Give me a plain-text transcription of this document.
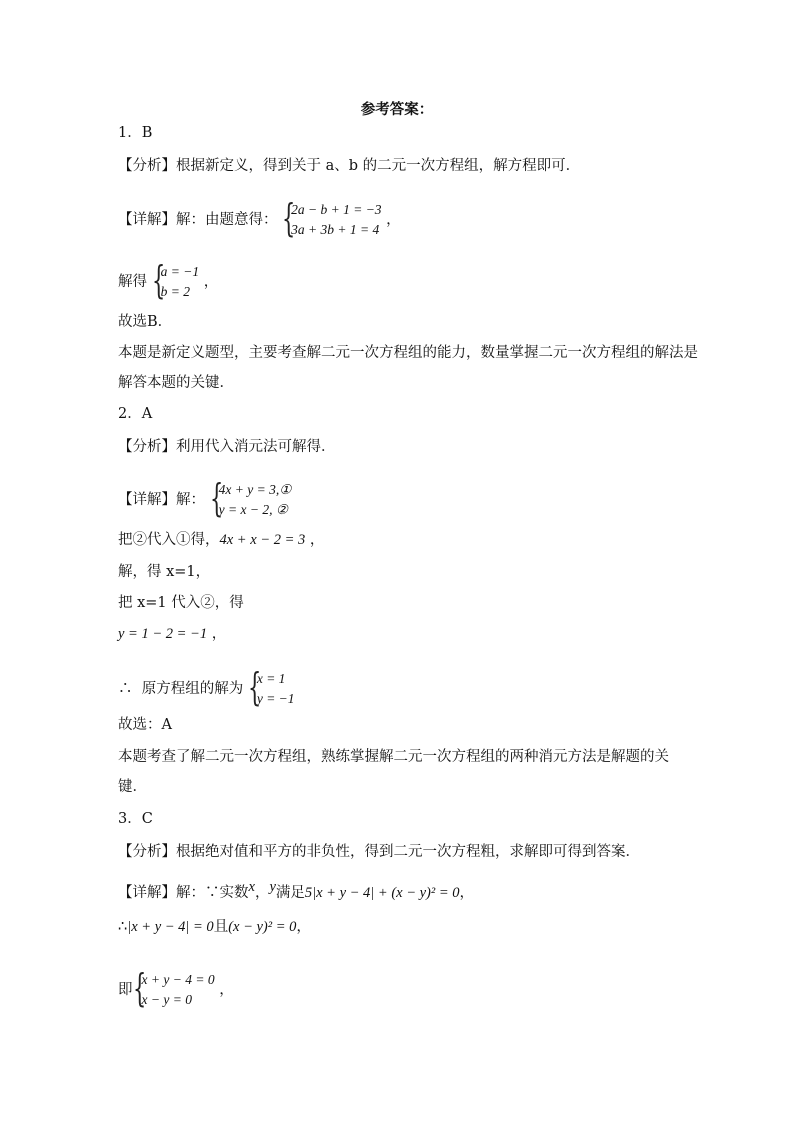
参考答案：
1．B
【分析】根据新定义，得到关于 a、b 的二元一次方程组，解方程即可．
【详解】解：由题意得： {
2a − b + 1 = −3
3a + 3b + 1 = 4
，
解得 {
a = −1
b = 2
，
故选B．
本题是新定义题型，主要考查解二元一次方程组的能力，数量掌握二元一次方程组的解法是
解答本题的关键．
2．A
【分析】利用代入消元法可解得．
【详解】解： {
4x + y = 3,①
y = x − 2, ②
把②代入①得，4x + x − 2 = 3 ，
解，得 x=1，
把 x=1 代入②，得
y = 1 − 2 = −1 ，
∴ 原方程组的解为 {
x = 1
y = −1
故选：A
本题考查了解二元一次方程组，熟练掌握解二元一次方程组的两种消元方法是解题的关
键．
3．C
【分析】根据绝对值和平方的非负性，得到二元一次方程粗，求解即可得到答案．
【详解】解：∵实数$^x$，$^y$满足5|x + y − 4| + (x − y)² = 0，
∴|x + y − 4| = 0且(x − y)² = 0，
即 {
x + y − 4 = 0
x − y = 0
，
